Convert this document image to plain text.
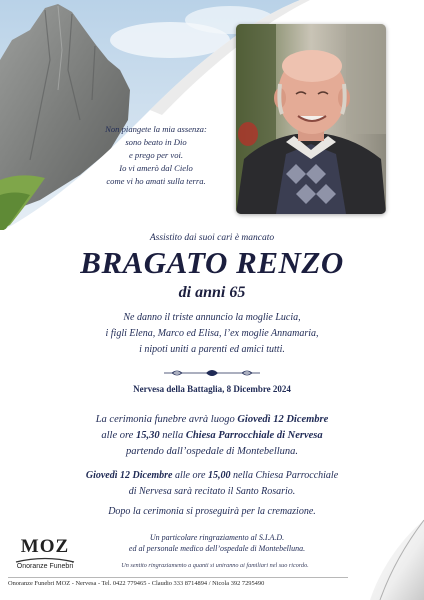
Non piangete la mia assenza:
sono beato in Dio
e prego per voi.
Io vi amerò dal Cielo
come vi ho amati sulla terra.
Assistito dai suoi cari è mancato
BRAGATO RENZO
di anni 65
Ne danno il triste annuncio la moglie Lucia,
i figli Elena, Marco ed Elisa, l’ex moglie Annamaria,
i nipoti uniti a parenti ed amici tutti.
Nervesa della Battaglia, 8 Dicembre 2024
La cerimonia funebre avrà luogo Giovedì 12 Dicembre
alle ore 15,30 nella Chiesa Parrocchiale di Nervesa
partendo dall’ospedale di Montebelluna.
Giovedì 12 Dicembre alle ore 15,00 nella Chiesa Parrocchiale
di Nervesa sarà recitato il Santo Rosario.
Dopo la cerimonia si proseguirà per la cremazione.
Un particolare ringraziamento al S.I.A.D.
ed al personale medico dell’ospedale di Montebelluna.
Un sentito ringraziamento a quanti si uniranno ai familiari nel suo ricordo.
MOZ
Onoranze Funebri
Onoranze Funebri MOZ - Nervesa - Tel. 0422 779465 - Claudio 333 8714894 / Nicola 392 7295490
